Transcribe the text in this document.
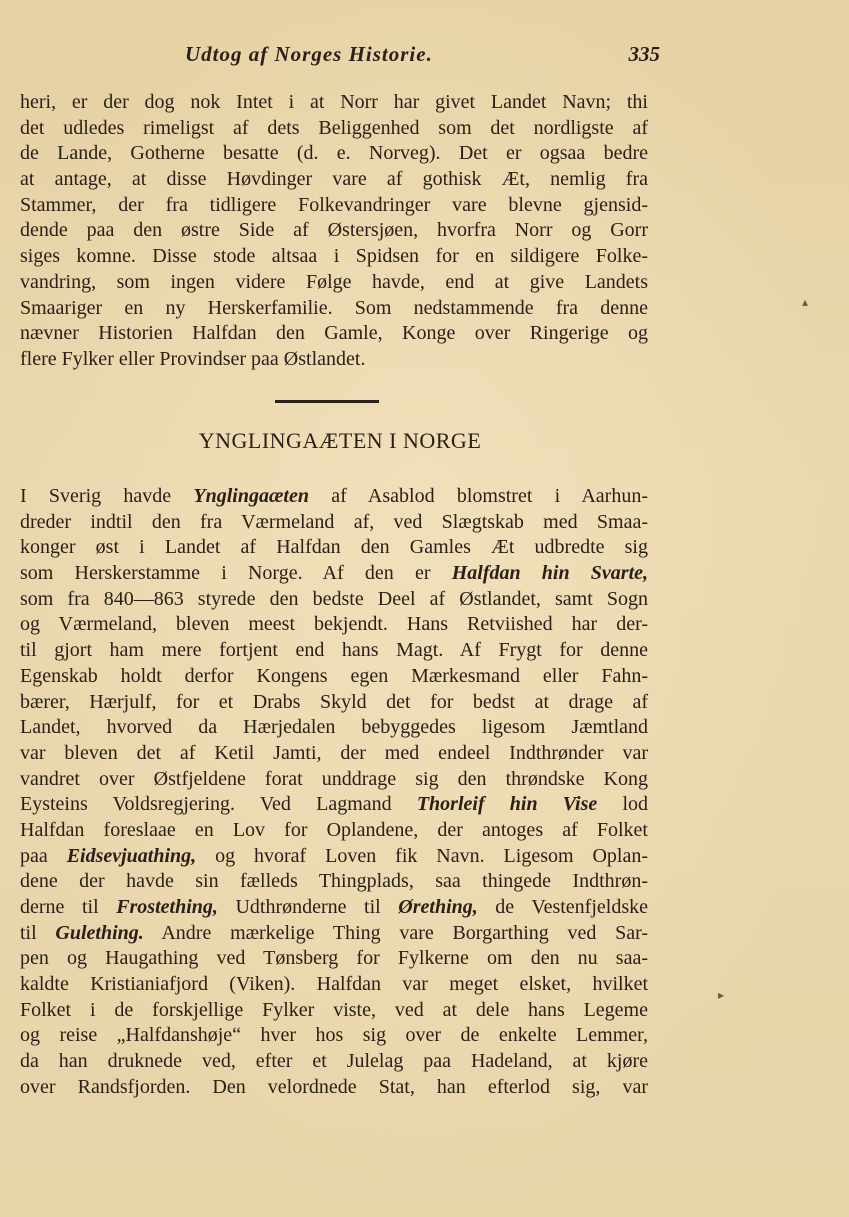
Udtog af Norges Historie.	335
heri, er der dog nok Intet i at Norr har givet Landet Navn; thi
det udledes rimeligst af dets Beliggenhed som det nordligste af
de Lande, Gotherne besatte (d. e. Norveg). Det er ogsaa bedre
at antage, at disse Høvdinger vare af gothisk Æt, nemlig fra
Stammer, der fra tidligere Folkevandringer vare blevne gjensid-
dende paa den østre Side af Østersjøen, hvorfra Norr og Gorr
siges komne. Disse stode altsaa i Spidsen for en sildigere Folke-
vandring, som ingen videre Følge havde, end at give Landets
Smaariger en ny Herskerfamilie. Som nedstammende fra denne
nævner Historien Halfdan den Gamle, Konge over Ringerige og
flere Fylker eller Provindser paa Østlandet.
YNGLINGAÆTEN I NORGE
I Sverig havde Ynglingaæten af Asablod blomstret i Aarhun-
dreder indtil den fra Værmeland af, ved Slægtskab med Smaa-
konger øst i Landet af Halfdan den Gamles Æt udbredte sig
som Herskerstamme i Norge. Af den er Halfdan hin Svarte,
som fra 840—863 styrede den bedste Deel af Østlandet, samt Sogn
og Værmeland, bleven meest bekjendt. Hans Retviished har der-
til gjort ham mere fortjent end hans Magt. Af Frygt for denne
Egenskab holdt derfor Kongens egen Mærkesmand eller Fahn-
bærer, Hærjulf, for et Drabs Skyld det for bedst at drage af
Landet, hvorved da Hærjedalen bebyggedes ligesom Jæmtland
var bleven det af Ketil Jamti, der med endeel Indthrønder var
vandret over Østfjeldene forat unddrage sig den thrøndske Kong
Eysteins Voldsregjering. Ved Lagmand Thorleif hin Vise lod
Halfdan foreslaae en Lov for Oplandene, der antoges af Folket
paa Eidsevjuathing, og hvoraf Loven fik Navn. Ligesom Oplan-
dene der havde sin fælleds Thingplads, saa thingede Indthrøn-
derne til Frostething, Udthrønderne til Ørething, de Vestenfjeldske
til Gulething. Andre mærkelige Thing vare Borgarthing ved Sar-
pen og Haugathing ved Tønsberg for Fylkerne om den nu saa-
kaldte Kristianiafjord (Viken). Halfdan var meget elsket, hvilket
Folket i de forskjellige Fylker viste, ved at dele hans Legeme
og reise „Halfdanshøje“ hver hos sig over de enkelte Lemmer,
da han druknede ved, efter et Julelag paa Hadeland, at kjøre
over Randsfjorden. Den velordnede Stat, han efterlod sig, var
▴
▸
